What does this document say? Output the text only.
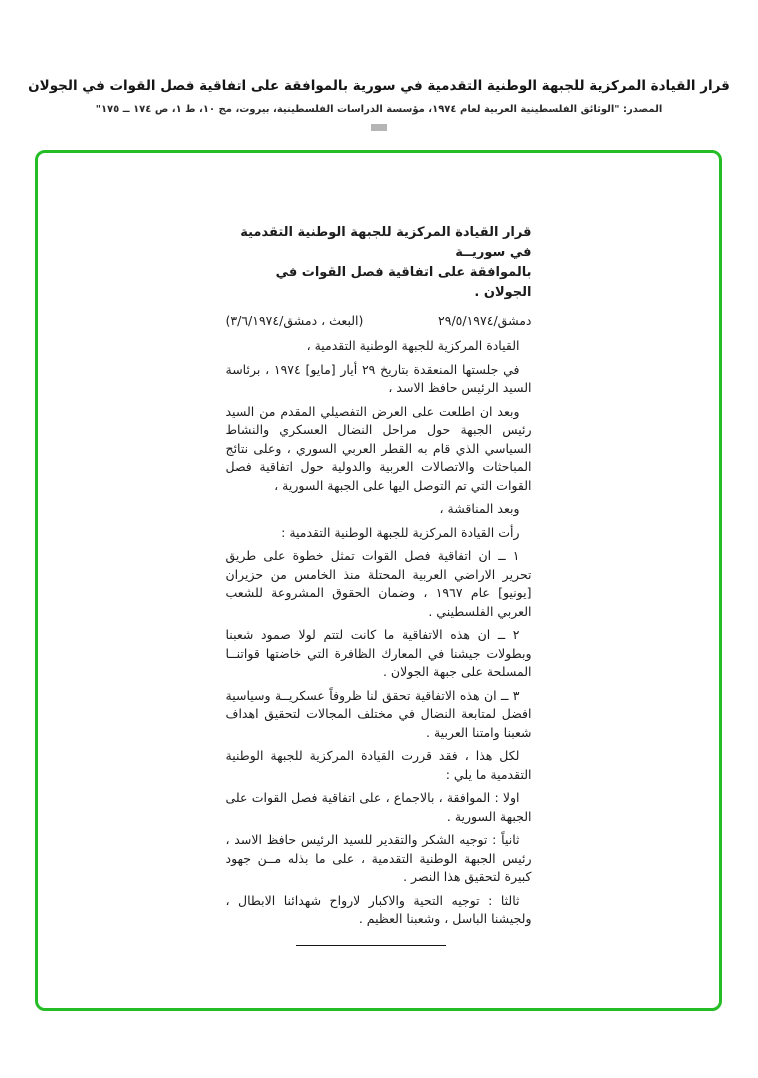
قرار القيادة المركزية للجبهة الوطنية التقدمية في سورية بالموافقة على اتفاقية فصل القوات في الجولان
المصدر: "الوثائق الفلسطينية العربية لعام ١٩٧٤، مؤسسة الدراسات الفلسطينية، بيروت، مج ١٠، ط ١، ص ١٧٤ ــ ١٧٥"
قرار القيادة المركزية للجبهة الوطنية التقدمية في سوريــة
بالموافقة على اتفاقية فصل القوات في الجولان .
دمشق/٢٩/٥/١٩٧٤
(البعث ، دمشق/٣/٦/١٩٧٤)

القيادة المركزية للجبهة الوطنية التقدمية ،

في جلستها المنعقدة بتاريخ ٢٩ أيار [مايو] ١٩٧٤ ، برئاسة السيد الرئيس حافظ الاسد ،

وبعد ان اطلعت على العرض التفصيلي المقدم من السيد رئيس الجبهة حول مراحل النضال العسكري والنشاط السياسي الذي قام به القطر العربي السوري ، وعلى نتائج المباحثات والاتصالات العربية والدولية حول اتفاقية فصل القوات التي تم التوصل اليها على الجبهة السورية ،

وبعد المناقشة ،

رأت القيادة المركزية للجبهة الوطنية التقدمية :

١ ــ ان اتفاقية فصل القوات تمثل خطوة على طريق تحرير الاراضي العربية المحتلة منذ الخامس من حزيران [يونيو] عام ١٩٦٧ ، وضمان الحقوق المشروعة للشعب العربي الفلسطيني .

٢ ــ ان هذه الاتفاقية ما كانت لتتم لولا صمود شعبنا وبطولات جيشنا في المعارك الظافرة التي خاضتها قواتنــا المسلحة على جبهة الجولان .

٣ ــ ان هذه الاتفاقية تحقق لنا ظروفاً عسكريــة وسياسية افضل لمتابعة النضال في مختلف المجالات لتحقيق اهداف شعبنا وامتنا العربية .

لكل هذا ، فقد قررت القيادة المركزية للجبهة الوطنية التقدمية ما يلي :

اولا : الموافقة ، بالاجماع ، على اتفاقية فصل القوات على الجبهة السورية .

ثانياً : توجيه الشكر والتقدير للسيد الرئيس حافظ الاسد ، رئيس الجبهة الوطنية التقدمية ، على ما بذله مــن جهود كبيرة لتحقيق هذا النصر .

ثالثا : توجيه التحية والاكبار لارواح شهدائنا الابطال ، ولجيشنا الباسل ، وشعبنا العظيم .
